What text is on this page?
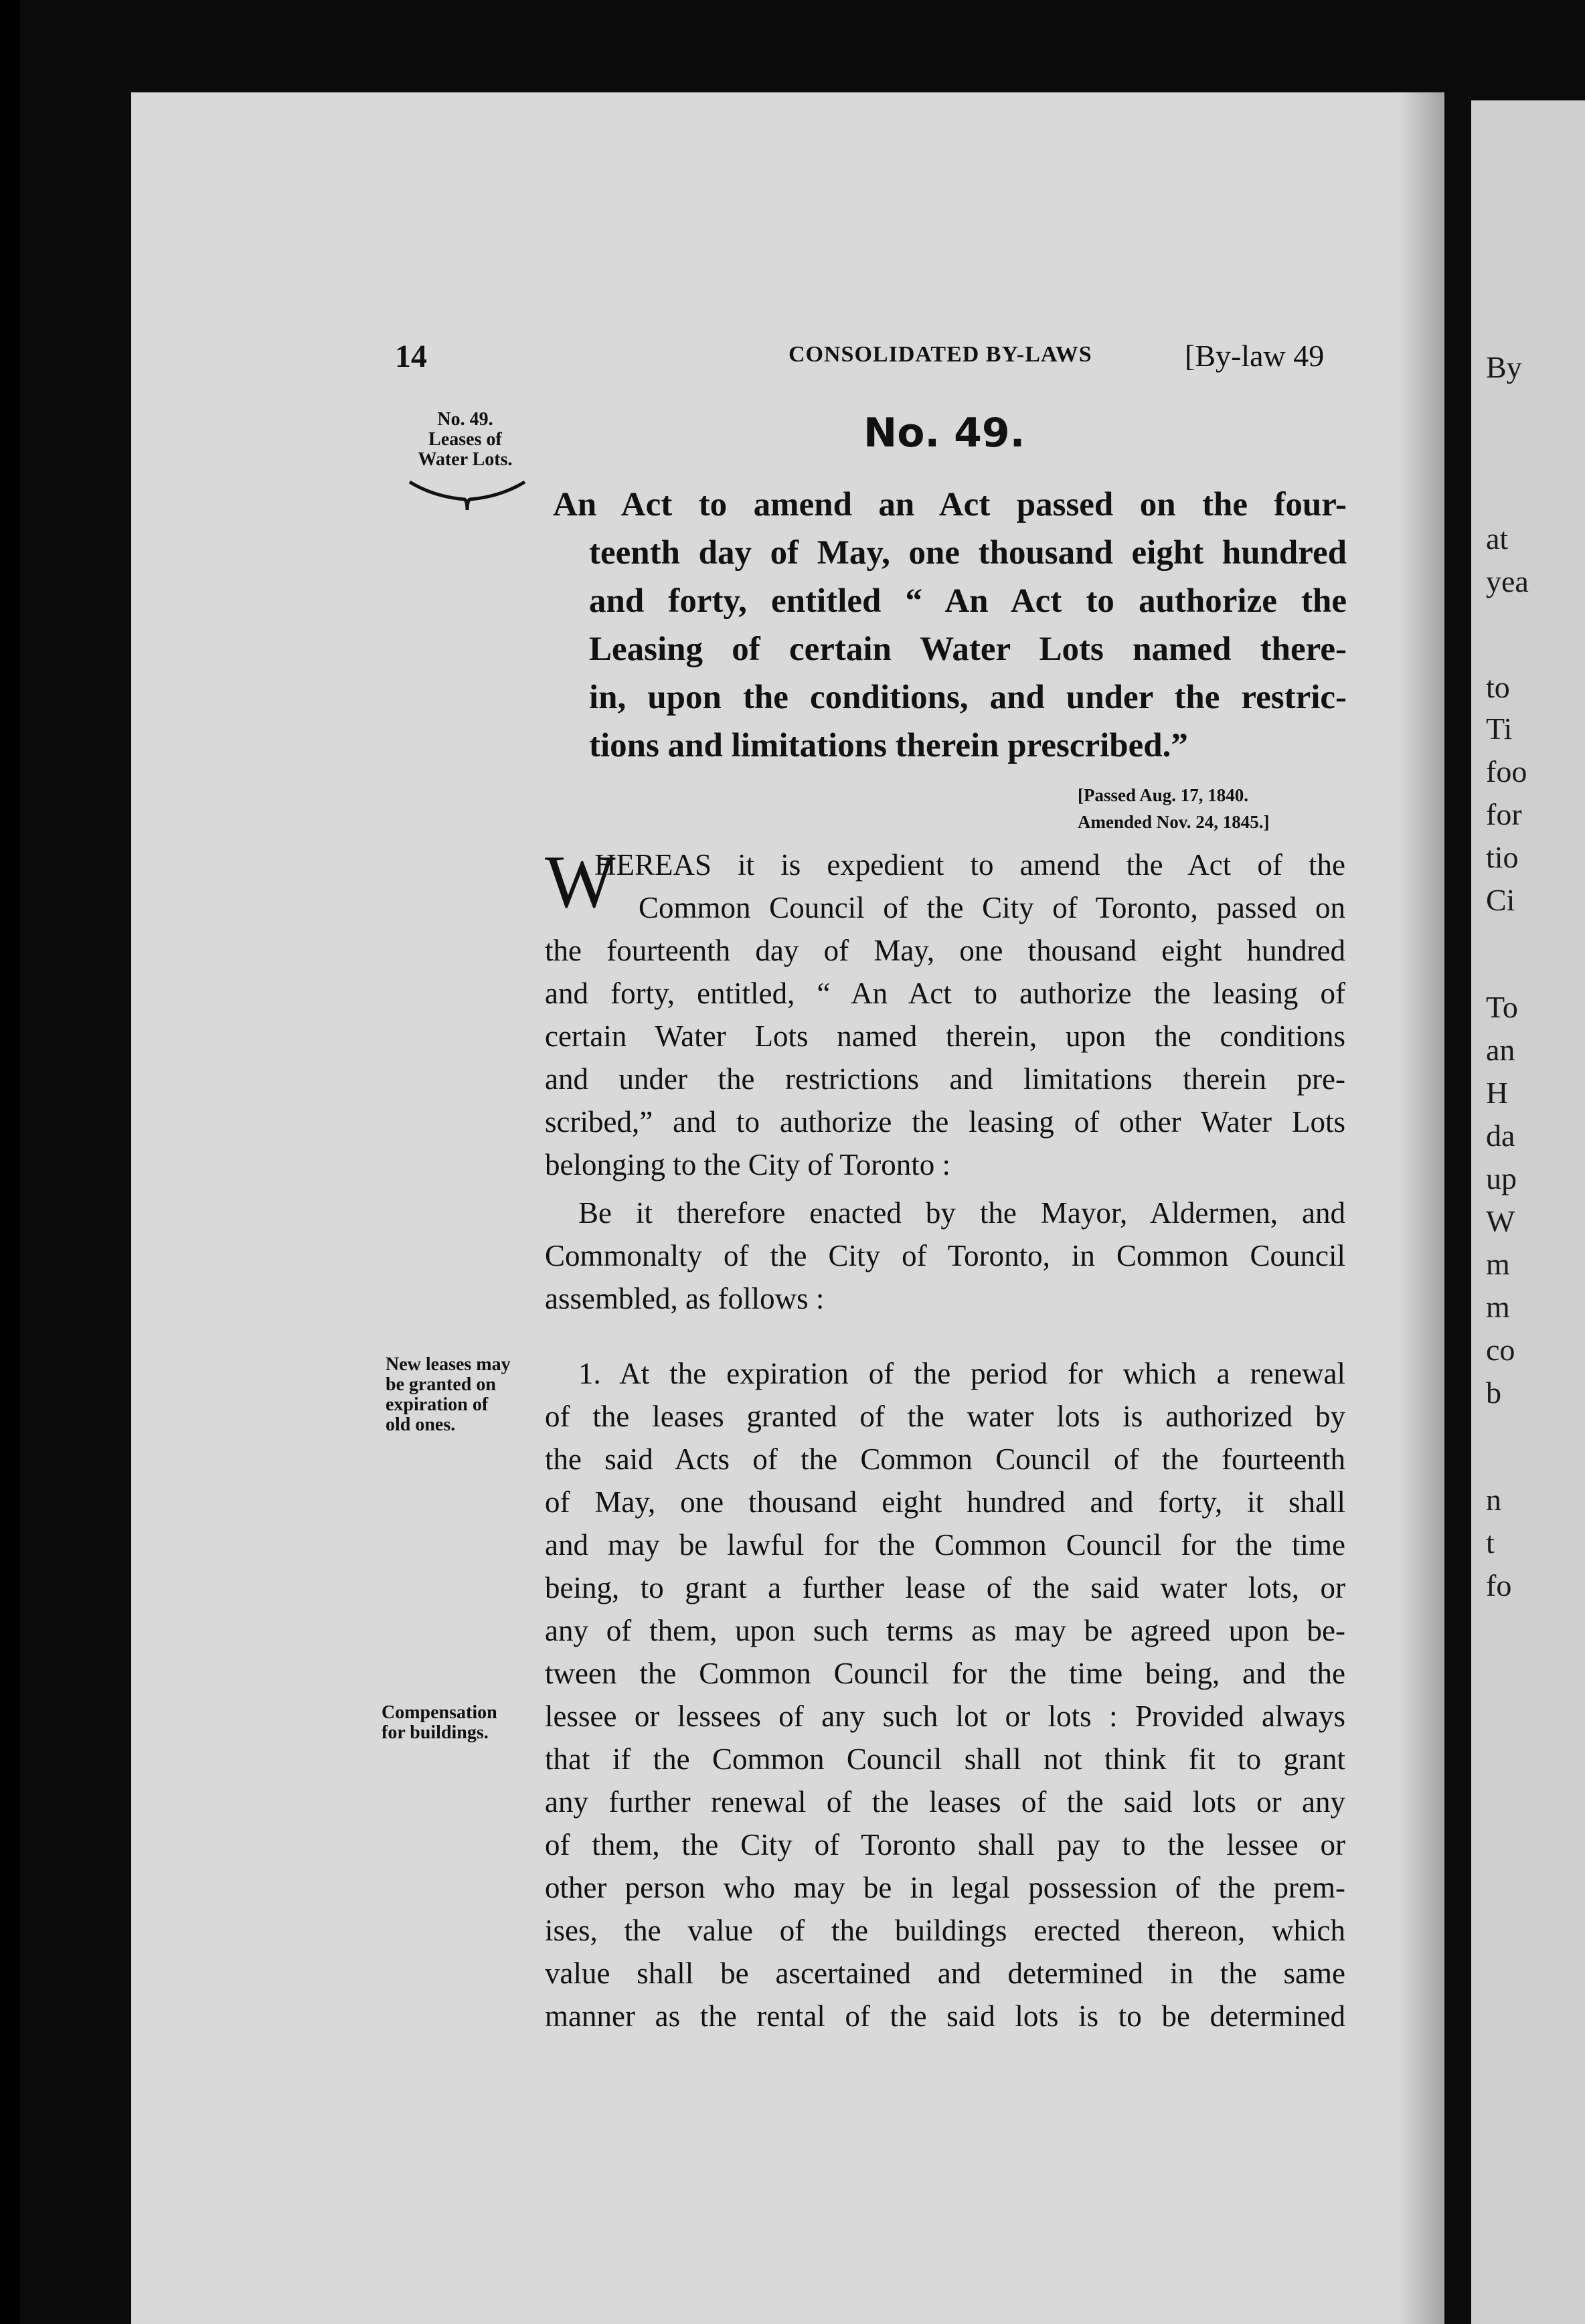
By
at
yea
to
Ti
foo
for
tio
Ci
To
an
H
da
up
W
m
m
co
b
n
t
fo
14	CONSOLIDATED BY-LAWS	[By-law 49
No. 49.
No. 49.
Leases of
Water Lots.
An Act to amend an Act passed on the four-
teenth day of May, one thousand eight hundred
and forty, entitled “ An Act to authorize the
Leasing of certain Water Lots named there-
in, upon the conditions, and under the restric-
tions and limitations therein prescribed.”
[Passed Aug. 17, 1840.
Amended Nov. 24, 1845.]
W
HEREAS it is expedient to amend the Act of the
Common Council of the City of Toronto, passed on
the fourteenth day of May, one thousand eight hundred
and forty, entitled, “ An Act to authorize the leasing of
certain Water Lots named therein, upon the conditions
and under the restrictions and limitations therein pre-
scribed,” and to authorize the leasing of other Water Lots
belonging to the City of Toronto :
Be it therefore enacted by the Mayor, Aldermen, and
Commonalty of the City of Toronto, in Common Council
assembled, as follows :
New leases may
be granted on
expiration of
old ones.
Compensation
for buildings.
1. At the expiration of the period for which a renewal
of the leases granted of the water lots is authorized by
the said Acts of the Common Council of the fourteenth
of May, one thousand eight hundred and forty, it shall
and may be lawful for the Common Council for the time
being, to grant a further lease of the said water lots, or
any of them, upon such terms as may be agreed upon be-
tween the Common Council for the time being, and the
lessee or lessees of any such lot or lots : Provided always
that if the Common Council shall not think fit to grant
any further renewal of the leases of the said lots or any
of them, the City of Toronto shall pay to the lessee or
other person who may be in legal possession of the prem-
ises, the value of the buildings erected thereon, which
value shall be ascertained and determined in the same
manner as the rental of the said lots is to be determined
